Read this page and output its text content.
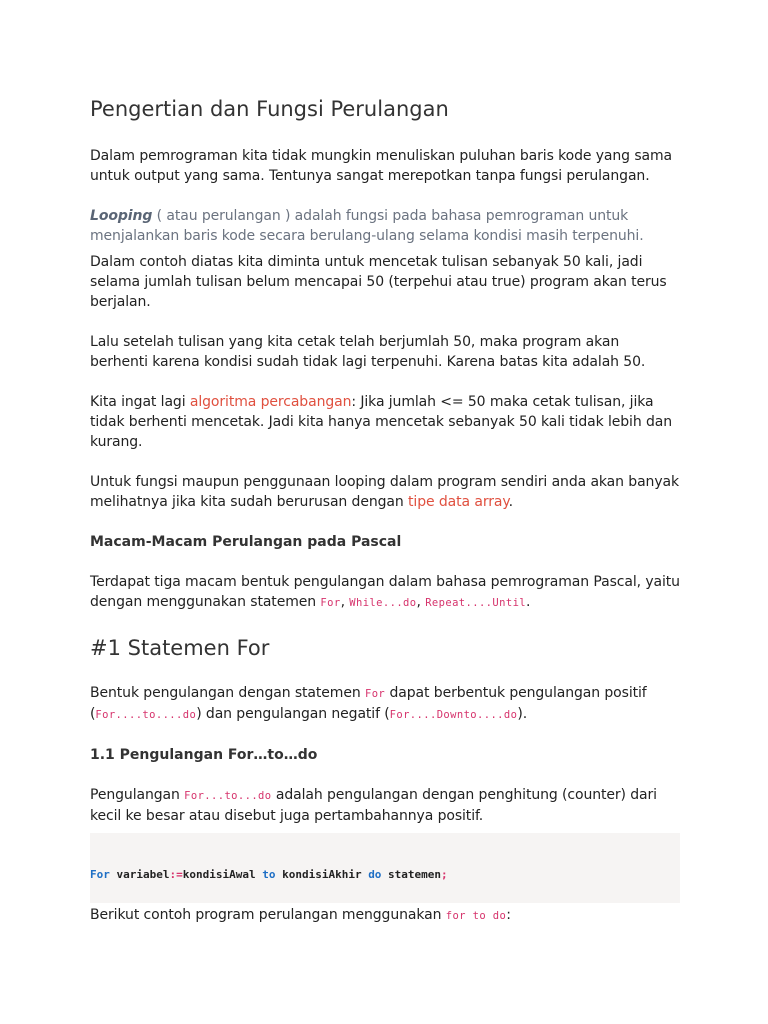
Pengertian dan Fungsi Perulangan

Dalam pemrograman kita tidak mungkin menuliskan puluhan baris kode yang sama untuk output yang sama. Tentunya sangat merepotkan tanpa fungsi perulangan.

Looping ( atau perulangan ) adalah fungsi pada bahasa pemrograman untuk menjalankan baris kode secara berulang-ulang selama kondisi masih terpenuhi.

Dalam contoh diatas kita diminta untuk mencetak tulisan sebanyak 50 kali, jadi selama jumlah tulisan belum mencapai 50 (terpehui atau true) program akan terus berjalan.

Lalu setelah tulisan yang kita cetak telah berjumlah 50, maka program akan berhenti karena kondisi sudah tidak lagi terpenuhi. Karena batas kita adalah 50.

Kita ingat lagi algoritma percabangan: Jika jumlah <= 50 maka cetak tulisan, jika tidak berhenti mencetak. Jadi kita hanya mencetak sebanyak 50 kali tidak lebih dan kurang.

Untuk fungsi maupun penggunaan looping dalam program sendiri anda akan banyak melihatnya jika kita sudah berurusan dengan tipe data array.

Macam-Macam Perulangan pada Pascal

Terdapat tiga macam bentuk pengulangan dalam bahasa pemrograman Pascal, yaitu dengan menggunakan statemen For, While...do, Repeat....Until.

#1 Statemen For

Bentuk pengulangan dengan statemen For dapat berbentuk pengulangan positif (For....to....do) dan pengulangan negatif (For....Downto....do).

1.1 Pengulangan For…to…do

Pengulangan For...to...do adalah pengulangan dengan penghitung (counter) dari kecil ke besar atau disebut juga pertambahannya positif.

For variabel:=kondisiAwal to kondisiAkhir do statemen;

Berikut contoh program perulangan menggunakan for to do:
